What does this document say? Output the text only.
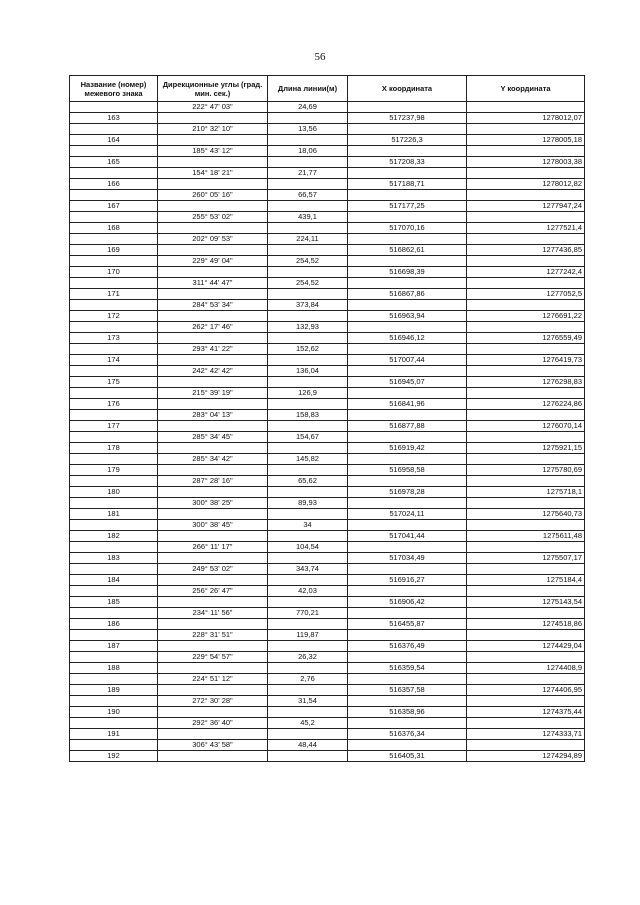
56
Название (номер) межевого знака	Дирекционные углы (град. мин. сек.)	Длина линии(м)	X координата	Y координата
	222° 47' 03"	24,69		
163			517237,98	1278012,07
	210° 32' 10"	13,56		
164			517226,3	1278005,18
	185° 43' 12"	18,06		
165			517208,33	1278003,38
	154° 18' 21"	21,77		
166			517188,71	1278012,82
	260° 05' 16"	66,57		
167			517177,25	1277947,24
	255° 53' 02"	439,1		
168			517070,16	1277521,4
	202° 09' 53"	224,11		
169			516862,61	1277436,85
	229° 49' 04"	254,52		
170			516698,39	1277242,4
	311° 44' 47"	254,52		
171			516867,86	1277052,5
	284° 53' 34"	373,84		
172			516963,94	1276691,22
	262° 17' 46"	132,93		
173			516946,12	1276559,49
	293° 41' 22"	152,62		
174			517007,44	1276419,73
	242° 42' 42"	136,04		
175			516945,07	1276298,83
	215° 39' 19"	126,9		
176			516841,96	1276224,86
	283° 04' 13"	158,83		
177			516877,88	1276070,14
	285° 34' 45"	154,67		
178			516919,42	1275921,15
	285° 34' 42"	145,82		
179			516958,58	1275780,69
	287° 28' 16"	65,62		
180			516978,28	1275718,1
	300° 38' 25"	89,93		
181			517024,11	1275640,73
	300° 38' 45"	34		
182			517041,44	1275611,48
	266° 11' 17"	104,54		
183			517034,49	1275507,17
	249° 53' 02"	343,74		
184			516916,27	1275184,4
	256° 26' 47"	42,03		
185			516906,42	1275143,54
	234° 11' 56"	770,21		
186			516455,87	1274518,86
	228° 31' 51"	119,87		
187			516376,49	1274429,04
	229° 54' 57"	26,32		
188			516359,54	1274408,9
	224° 51' 12"	2,76		
189			516357,58	1274406,95
	272° 30' 28"	31,54		
190			516358,96	1274375,44
	292° 36' 40"	45,2		
191			516376,34	1274333,71
	306° 43' 58"	48,44		
192			516405,31	1274294,89
